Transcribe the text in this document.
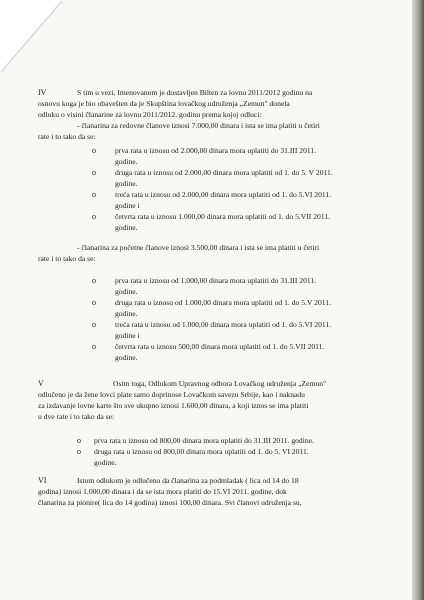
IV	S tim u vezi, Imenovanom je dostavljen Bilten za lovnu 2011/2012 godinu na
osnovu koga je bio obavešten da je Skupština lovačkog udruženja „Zemun" donela
odluku o visini članarine za lovnu 2011/2012. godinu prema kojoj odluci:
- članarina za redovne članove iznosi 7.000,00 dinara i ista se ima platiti u četiri
rate i to tako da se:
o	prva rata u iznosu od 2.000,00 dinara mora uplatiti do 31.III 2011.
godine.
o	druga rata u iznosu od 2.000,00 dinara mora uplatiti od 1. do 5. V 2011.
godine.
o	treća rata u iznosu od 2.000,00 dinara mora uplatiti od 1. do 5.VI 2011.
godine i
o	četvrta rata u iznosu 1.000,00 dinara mora uplatiti od 1. do 5.VII 2011.
godine.
- članarina za početne članove iznosi 3.500,00 dinara i ista se ima platiti u četiri
rate i to tako da se:
o	prva rata u iznosu od 1.000,00 dinara mora uplatiti do 31.III 2011.
godine.
o	druga rata u iznosu od 1.000,00 dinara mora uplatiti od 1. do 5.V 2011.
godine.
o	treća rata u iznosu od 1.000,00 dinara mora uplatiti od 1. do 5.VI 2011.
godine i
o	četvrta rata u iznosu 500,00 dinara mora uplatiti od 1. do 5.VII 2011.
godine.
V	Osim toga, Odlukom Upravnog odbora Lovačkog udruženja „Zemun"
odlučeno je da žene lovci plate samo doprinose Lovačkom savezu Srbije, kao i naknadu
za izdavanje lovne karte što sve ukupno iznosi 1.600,00 dinara, a koji iznos se ima platiti
u dve rate i to tako da se:
o prva rata u iznosu od 800,00 dinara mora uplatiti do 31.III 2011. godine.
o druga rata u iznosu od 800,00 dinara mora uplatiti od 1. do 5. VI 2011.
godine.
VI	Istom odlukom je odlučeno da članarina za podmladak ( lica od 14 do 18
godina) iznosi 1.000,00 dinara i da se ista mora platiti do 15.VI 2011. godine, dok
članarina za pionire( lica do 14 godina) iznosi 100,00 dinara. Svi članovi udruženja su,
